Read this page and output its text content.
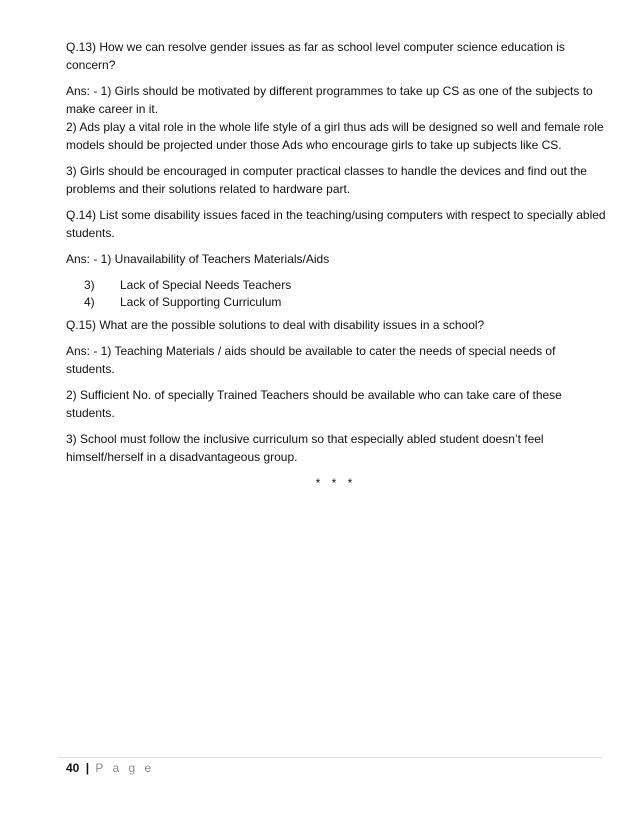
Q.13) How we can resolve gender issues as far as school level computer science education is concern?

Ans: - 1) Girls should be motivated by different programmes to take up CS as one of the subjects to make career in it.

2) Ads play a vital role in the whole life style of a girl thus ads will be designed so well and female role models should be projected under those Ads who encourage girls to take up subjects like CS.

3) Girls should be encouraged in computer practical classes to handle the devices and find out the problems and their solutions related to hardware part.

Q.14) List some disability issues faced in the teaching/using computers with respect to specially abled students.

Ans: - 1) Unavailability of Teachers Materials/Aids

3)	Lack of Special Needs Teachers
4)	Lack of Supporting Curriculum

Q.15) What are the possible solutions to deal with disability issues in a school?

Ans: - 1) Teaching Materials / aids should be available to cater the needs of special needs of students.

2) Sufficient No. of specially Trained Teachers should be available who can take care of these students.

3) School must follow the inclusive curriculum so that especially abled student doesn’t feel himself/herself in a disadvantageous group.

* * *
40 | P a g e
